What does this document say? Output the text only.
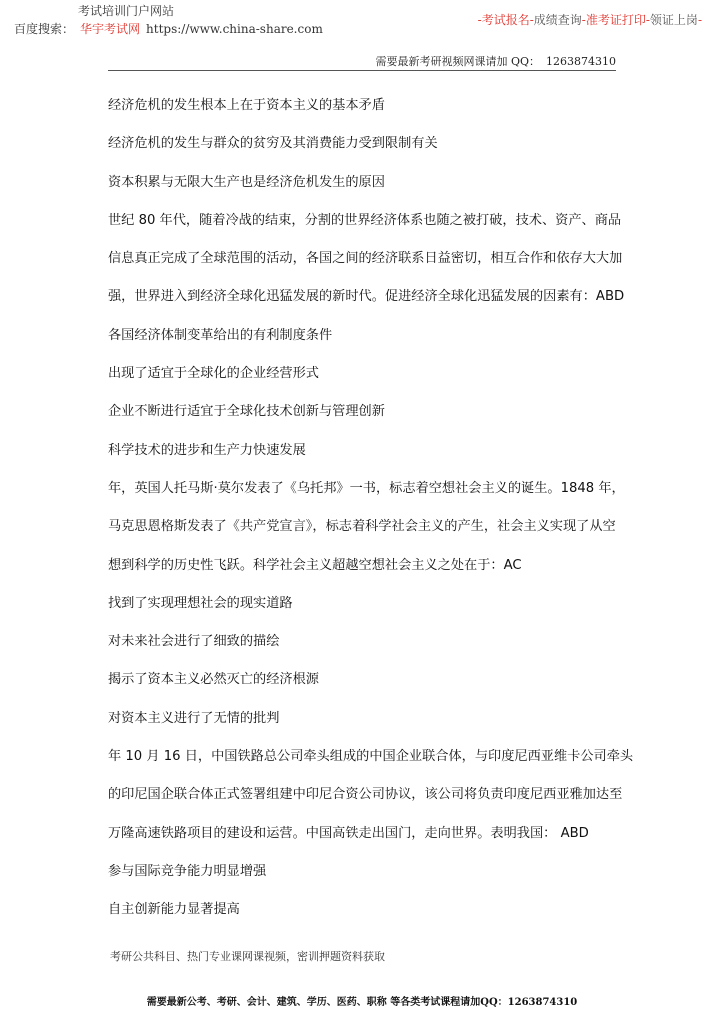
考试培训门户网站
百度搜索： 华宇考试网 https://www.china-share.com
-考试报名-成绩查询-准考证打印-领证上岗-
需要最新考研视频网课请加 QQ： 1263874310
经济危机的发生根本上在于资本主义的基本矛盾
经济危机的发生与群众的贫穷及其消费能力受到限制有关
资本积累与无限大生产也是经济危机发生的原因
世纪 80 年代，随着冷战的结束，分割的世界经济体系也随之被打破，技术、资产、商品
信息真正完成了全球范围的活动，各国之间的经济联系日益密切，相互合作和依存大大加
强，世界进入到经济全球化迅猛发展的新时代。促进经济全球化迅猛发展的因素有：ABD
各国经济体制变革给出的有利制度条件
出现了适宜于全球化的企业经营形式
企业不断进行适宜于全球化技术创新与管理创新
科学技术的进步和生产力快速发展
年，英国人托马斯·莫尔发表了《乌托邦》一书，标志着空想社会主义的诞生。1848 年，
马克思恩格斯发表了《共产党宣言》，标志着科学社会主义的产生，社会主义实现了从空
想到科学的历史性飞跃。科学社会主义超越空想社会主义之处在于：AC
找到了实现理想社会的现实道路
对未来社会进行了细致的描绘
揭示了资本主义必然灭亡的经济根源
对资本主义进行了无情的批判
年 10 月 16 日，中国铁路总公司牵头组成的中国企业联合体，与印度尼西亚维卡公司牵头
的印尼国企联合体正式签署组建中印尼合资公司协议，该公司将负责印度尼西亚雅加达至
万隆高速铁路项目的建设和运营。中国高铁走出国门，走向世界。表明我国： ABD
参与国际竞争能力明显增强
自主创新能力显著提高
考研公共科目、热门专业课网课视频，密训押题资料获取
需要最新公考、考研、会计、建筑、学历、医药、职称 等各类考试课程请加QQ：1263874310
